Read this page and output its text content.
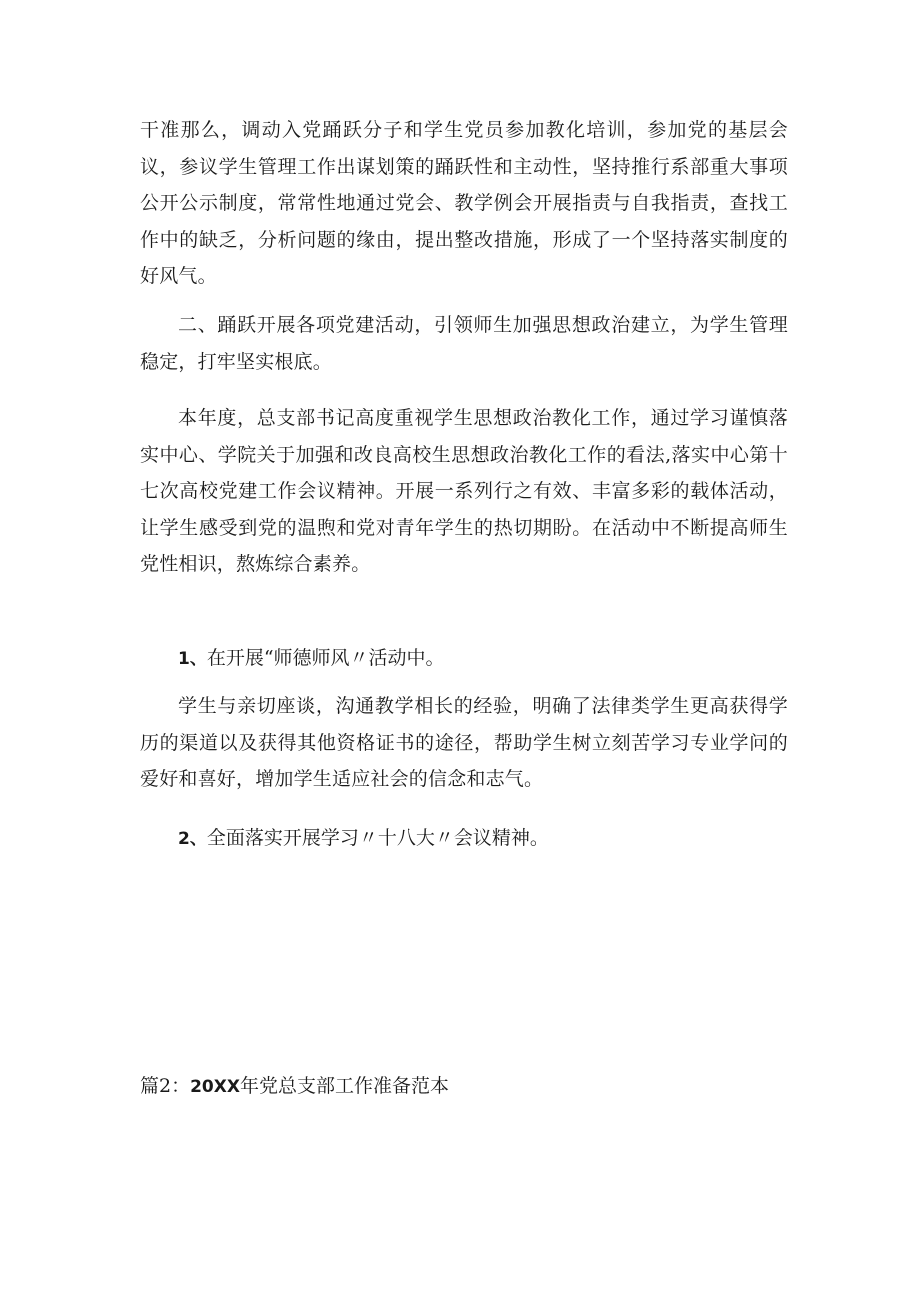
干准那么，调动入党踊跃分子和学生党员参加教化培训，参加党的基层会议，参议学生管理工作出谋划策的踊跃性和主动性，坚持推行系部重大事项公开公示制度，常常性地通过党会、教学例会开展指责与自我指责，查找工作中的缺乏，分析问题的缘由，提出整改措施，形成了一个坚持落实制度的好风气。

二、踊跃开展各项党建活动，引领师生加强思想政治建立，为学生管理稳定，打牢坚实根底。

本年度，总支部书记高度重视学生思想政治教化工作，通过学习谨慎落实中心、学院关于加强和改良高校生思想政治教化工作的看法,落实中心第十七次高校党建工作会议精神。开展一系列行之有效、丰富多彩的载体活动，让学生感受到党的温煦和党对青年学生的热切期盼。在活动中不断提高师生党性相识，熬炼综合素养。

1、在开展“师德师风〃活动中。

学生与亲切座谈，沟通教学相长的经验，明确了法律类学生更高获得学历的渠道以及获得其他资格证书的途径，帮助学生树立刻苦学习专业学问的爱好和喜好，增加学生适应社会的信念和志气。

2、全面落实开展学习〃十八大〃会议精神。

篇2：20XX年党总支部工作准备范本
